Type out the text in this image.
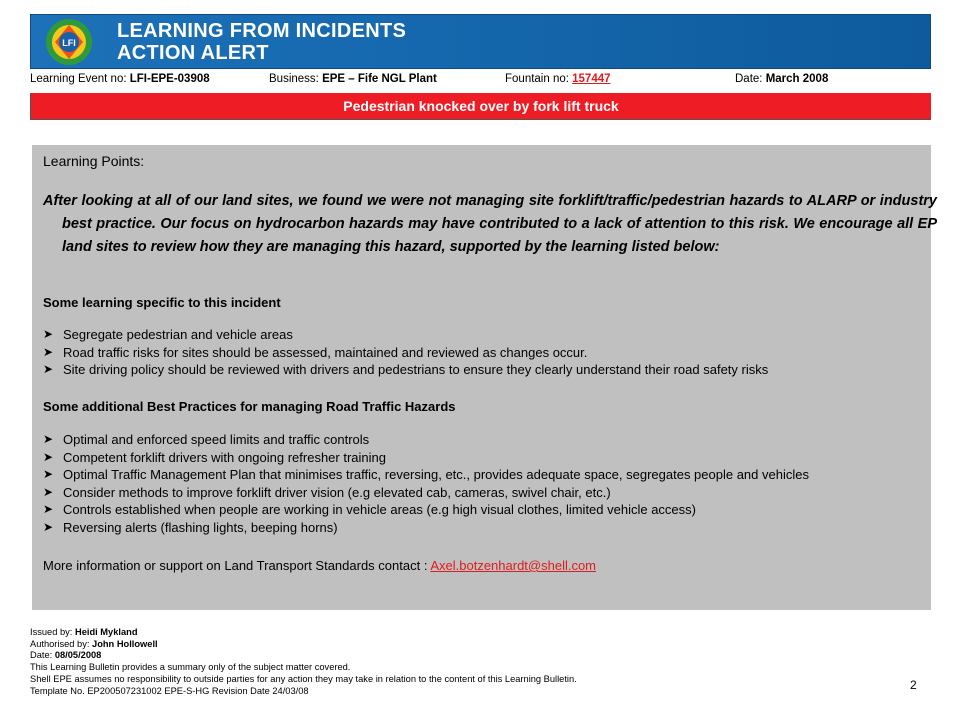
LFI
LEARNING FROM INCIDENTS
ACTION ALERT
Learning Event no: LFI-EPE-03908	Business: EPE – Fife NGL Plant	Fountain no: 157447	Date: March 2008
Pedestrian knocked over by fork lift truck
Learning Points:
After looking at all of our land sites, we found we were not managing site forklift/traffic/pedestrian hazards to ALARP or industry best practice. Our focus on hydrocarbon hazards may have contributed to a lack of attention to this risk. We encourage all EP land sites to review how they are managing this hazard, supported by the learning listed below:
Some learning specific to this incident
➤ Segregate pedestrian and vehicle areas
➤ Road traffic risks for sites should be assessed, maintained and reviewed as changes occur.
➤ Site driving policy should be reviewed with drivers and pedestrians to ensure they clearly understand their road safety risks
Some additional Best Practices for managing Road Traffic Hazards
➤ Optimal and enforced speed limits and traffic controls
➤ Competent forklift drivers with ongoing refresher training
➤ Optimal Traffic Management Plan that minimises traffic, reversing, etc., provides adequate space, segregates people and vehicles
➤ Consider methods to improve forklift driver vision (e.g elevated cab, cameras, swivel chair, etc.)
➤ Controls established when people are working in vehicle areas (e.g high visual clothes, limited vehicle access)
➤ Reversing alerts (flashing lights, beeping horns)
More information or support on Land Transport Standards contact : Axel.botzenhardt@shell.com
Issued by: Heidi Mykland
Authorised by: John Hollowell
Date: 08/05/2008
This Learning Bulletin provides a summary only of the subject matter covered.
Shell EPE assumes no responsibility to outside parties for any action they may take in relation to the content of this Learning Bulletin.
Template No. EP200507231002 EPE-S-HG Revision Date 24/03/08	2
